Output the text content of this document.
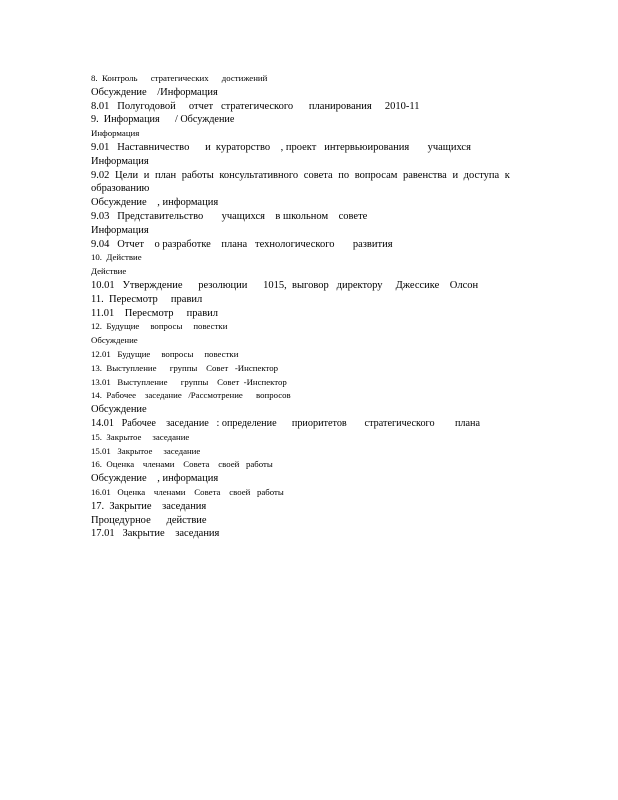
8.  Контроль      стратегических      достижений
Обсуждение    /Информация
8.01   Полугодовой     отчет   стратегического      планирования     2010-11
9.  Информация      / Обсуждение
Информация
9.01   Наставничество      и  кураторство    , проект   интервьюирования       учащихся
Информация
9.02 Цели и план работы консультативного совета по вопросам равенства и доступа к образованию
Обсуждение    , информация
9.03   Представительство       учащихся    в школьном    совете
Информация
9.04   Отчет    о разработке    плана   технологического       развития
10.  Действие
Действие
10.01   Утверждение      резолюции      1015,  выговор   директору     Джессике    Олсон
11.  Пересмотр     правил
11.01    Пересмотр     правил
12.  Будущие     вопросы     повестки
Обсуждение
12.01   Будущие     вопросы     повестки
13.  Выступление      группы    Совет   -Инспектор
13.01   Выступление      группы    Совет  -Инспектор
14.  Рабочее    заседание   /Рассмотрение      вопросов
Обсуждение
14.01   Рабочее    заседание   : определение      приоритетов       стратегического        плана
15.  Закрытое     заседание
15.01   Закрытое     заседание
16.  Оценка    членами    Совета    своей   работы
Обсуждение    , информация
16.01   Оценка    членами    Совета    своей   работы
17.  Закрытие    заседания
Процедурное      действие
17.01   Закрытие    заседания
